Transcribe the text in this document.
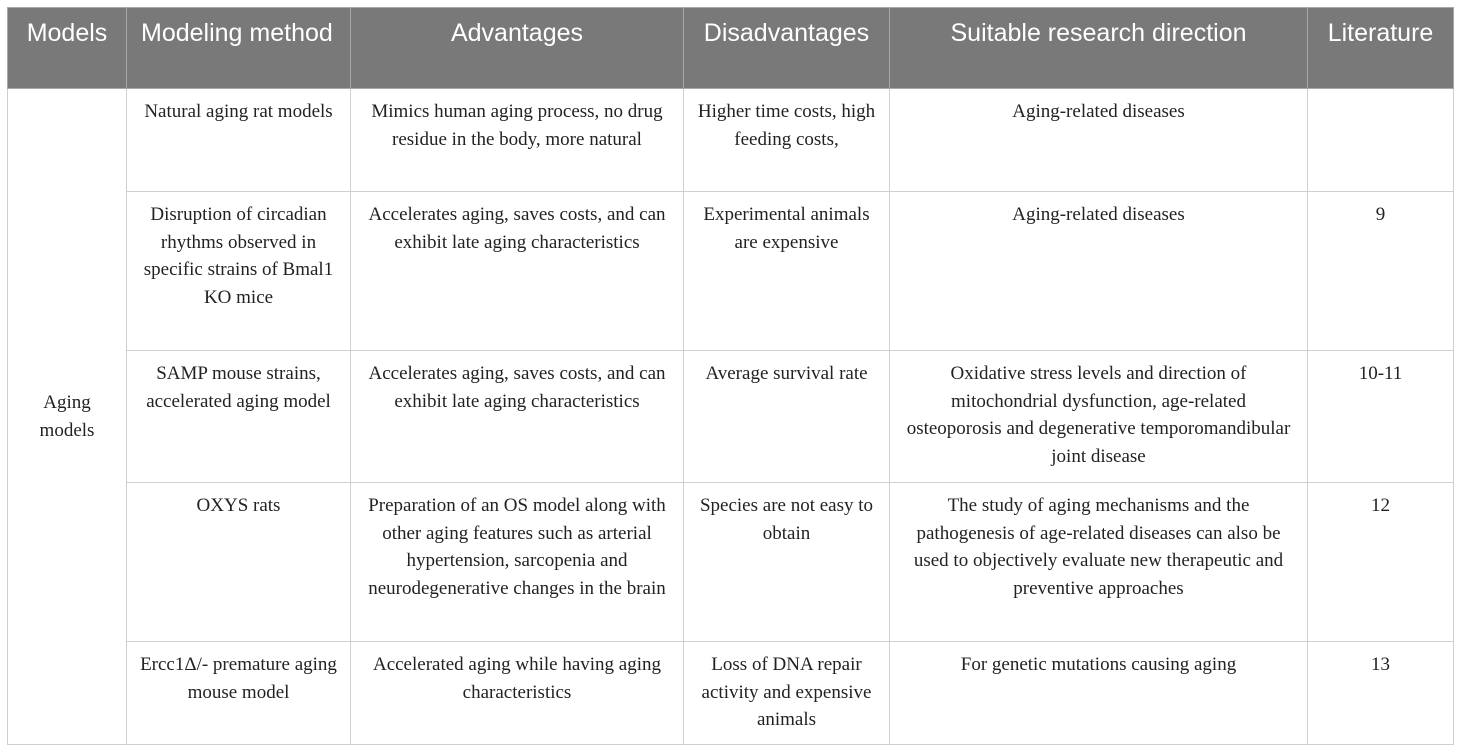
Models	Modeling method	Advantages	Disadvantages	Suitable research direction	Literature
Aging models	Natural aging rat models	Mimics human aging process, no drug residue in the body, more natural	Higher time costs, high feeding costs,	Aging-related diseases	
	Disruption of circadian rhythms observed in specific strains of Bmal1 KO mice	Accelerates aging, saves costs, and can exhibit late aging characteristics	Experimental animals are expensive	Aging-related diseases	9
	SAMP mouse strains, accelerated aging model	Accelerates aging, saves costs, and can exhibit late aging characteristics	Average survival rate	Oxidative stress levels and direction of mitochondrial dysfunction, age-related osteoporosis and degenerative temporomandibular joint disease	10-11
	OXYS rats	Preparation of an OS model along with other aging features such as arterial hypertension, sarcopenia and neurodegenerative changes in the brain	Species are not easy to obtain	The study of aging mechanisms and the pathogenesis of age-related diseases can also be used to objectively evaluate new therapeutic and preventive approaches	12
	Ercc1Δ/- premature aging mouse model	Accelerated aging while having aging characteristics	Loss of DNA repair activity and expensive animals	For genetic mutations causing aging	13
